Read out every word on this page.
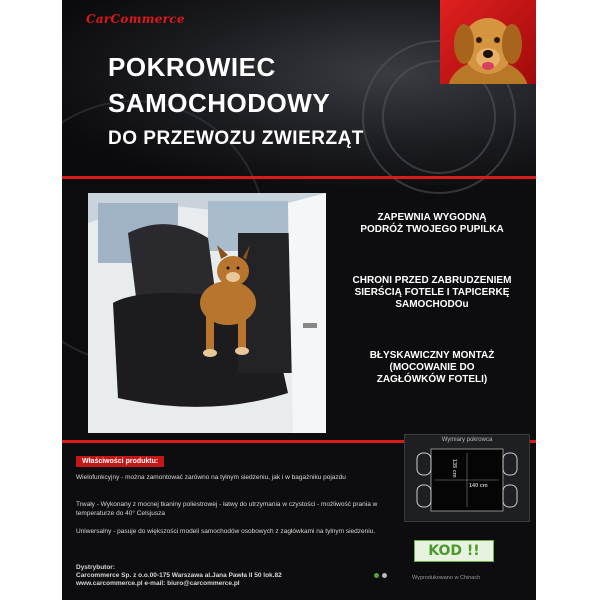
CarCommerce
POKROWIEC
SAMOCHODOWY
DO PRZEWOZU ZWIERZĄT
ZAPEWNIA WYGODNĄ
PODRÓŻ TWOJEGO PUPILKA
CHRONI PRZED ZABRUDZENIEM
SIERŚCIĄ FOTELE I TAPICERKĘ
SAMOCHODOu
BŁYSKAWICZNY MONTAŻ
(MOCOWANIE DO
ZAGŁÓWKÓW FOTELI)
Właściwości produktu:
Wielofunkcyjny - można zamontować zarówno na tylnym siedzeniu, jak i w bagażniku pojazdu
Trwały - Wykonany z mocnej tkaniny poliestrowej - łatwy do utrzymania w czystości - możliwość prania w temperaturze do 40° Celsjusza
Uniwersalny - pasuje do większości modeli samochodów osobowych z zagłówkami na tylnym siedzeniu.
Dystrybutor:
Carcommerce Sp. z o.o.00-175 Warszawa al.Jana Pawła II 50 lok.82
www.carcommerce.pl e-mail: biuro@carcommerce.pl
Wymiary pokrowca
140 cm
135 cm
KOD !!
Wyprodukowano w Chinach
